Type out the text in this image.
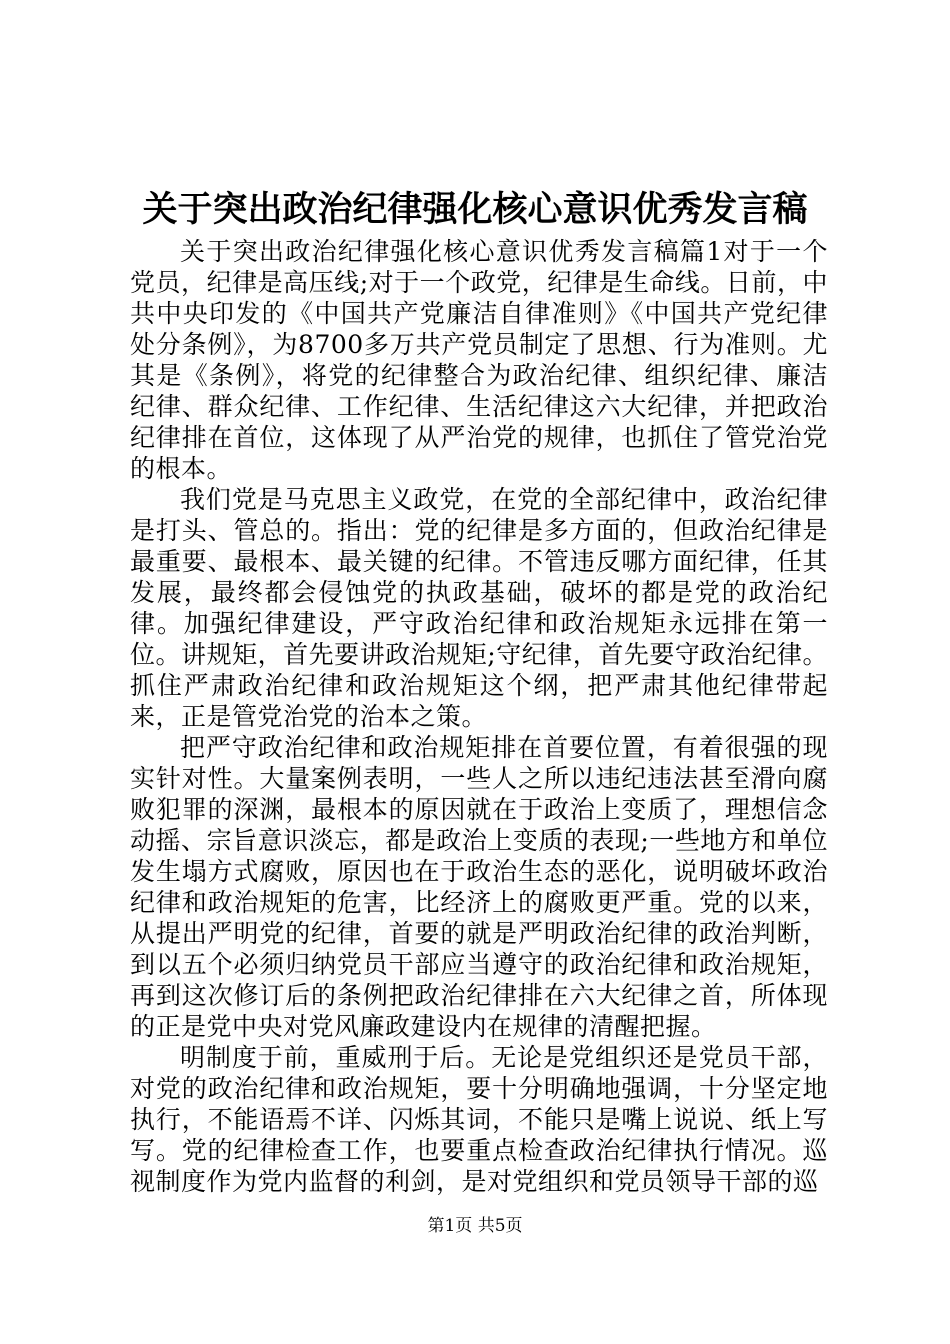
关于突出政治纪律强化核心意识优秀发言稿

关于突出政治纪律强化核心意识优秀发言稿篇1对于一个党员，纪律是高压线;对于一个政党，纪律是生命线。日前，中共中央印发的《中国共产党廉洁自律准则》《中国共产党纪律处分条例》，为8700多万共产党员制定了思想、行为准则。尤其是《条例》，将党的纪律整合为政治纪律、组织纪律、廉洁纪律、群众纪律、工作纪律、生活纪律这六大纪律，并把政治纪律排在首位，这体现了从严治党的规律，也抓住了管党治党的根本。

我们党是马克思主义政党，在党的全部纪律中，政治纪律是打头、管总的。指出：党的纪律是多方面的，但政治纪律是最重要、最根本、最关键的纪律。不管违反哪方面纪律，任其发展，最终都会侵蚀党的执政基础，破坏的都是党的政治纪律。加强纪律建设，严守政治纪律和政治规矩永远排在第一位。讲规矩，首先要讲政治规矩;守纪律，首先要守政治纪律。抓住严肃政治纪律和政治规矩这个纲，把严肃其他纪律带起来，正是管党治党的治本之策。

把严守政治纪律和政治规矩排在首要位置，有着很强的现实针对性。大量案例表明，一些人之所以违纪违法甚至滑向腐败犯罪的深渊，最根本的原因就在于政治上变质了，理想信念动摇、宗旨意识淡忘，都是政治上变质的表现;一些地方和单位发生塌方式腐败，原因也在于政治生态的恶化，说明破坏政治纪律和政治规矩的危害，比经济上的腐败更严重。党的以来，从提出严明党的纪律，首要的就是严明政治纪律的政治判断，到以五个必须归纳党员干部应当遵守的政治纪律和政治规矩，再到这次修订后的条例把政治纪律排在六大纪律之首，所体现的正是党中央对党风廉政建设内在规律的清醒把握。

明制度于前，重威刑于后。无论是党组织还是党员干部，对党的政治纪律和政治规矩，要十分明确地强调，十分坚定地执行，不能语焉不详、闪烁其词，不能只是嘴上说说、纸上写写。党的纪律检查工作，也要重点检查政治纪律执行情况。巡视制度作为党内监督的利剑，是对党组织和党员领导干部的巡

第1页 共5页
